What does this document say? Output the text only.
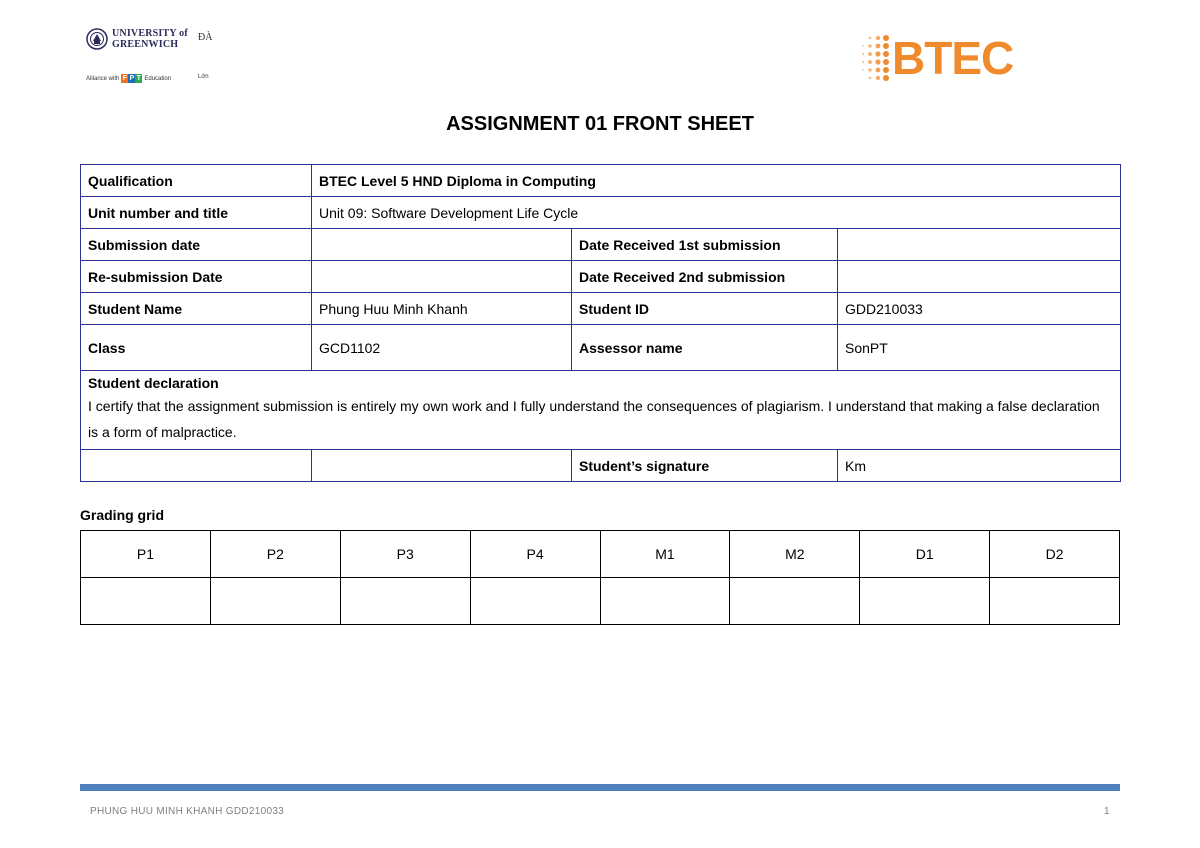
UNIVERSITY of
GREENWICH
ĐÀ
Alliance with F P T Education	Lớn	BTEC
ASSIGNMENT 01 FRONT SHEET
Qualification	BTEC Level 5 HND Diploma in Computing		
Unit number and title	Unit 09: Software Development Life Cycle		
Submission date		Date Received 1st submission	
Re-submission Date		Date Received 2nd submission	
Student Name	Phung Huu Minh Khanh	Student ID	GDD210033
Class	GCD1102	Assessor name	SonPT

Student declaration
I certify that the assignment submission is entirely my own work and I fully understand the consequences of plagiarism. I understand that making a false declaration is a form of malpractice.			

		Student’s signature	Km
Grading grid
P1	P2	P3	P4	M1	M2	D1	D2

PHUNG HUU MINH KHANH GDD210033	1
